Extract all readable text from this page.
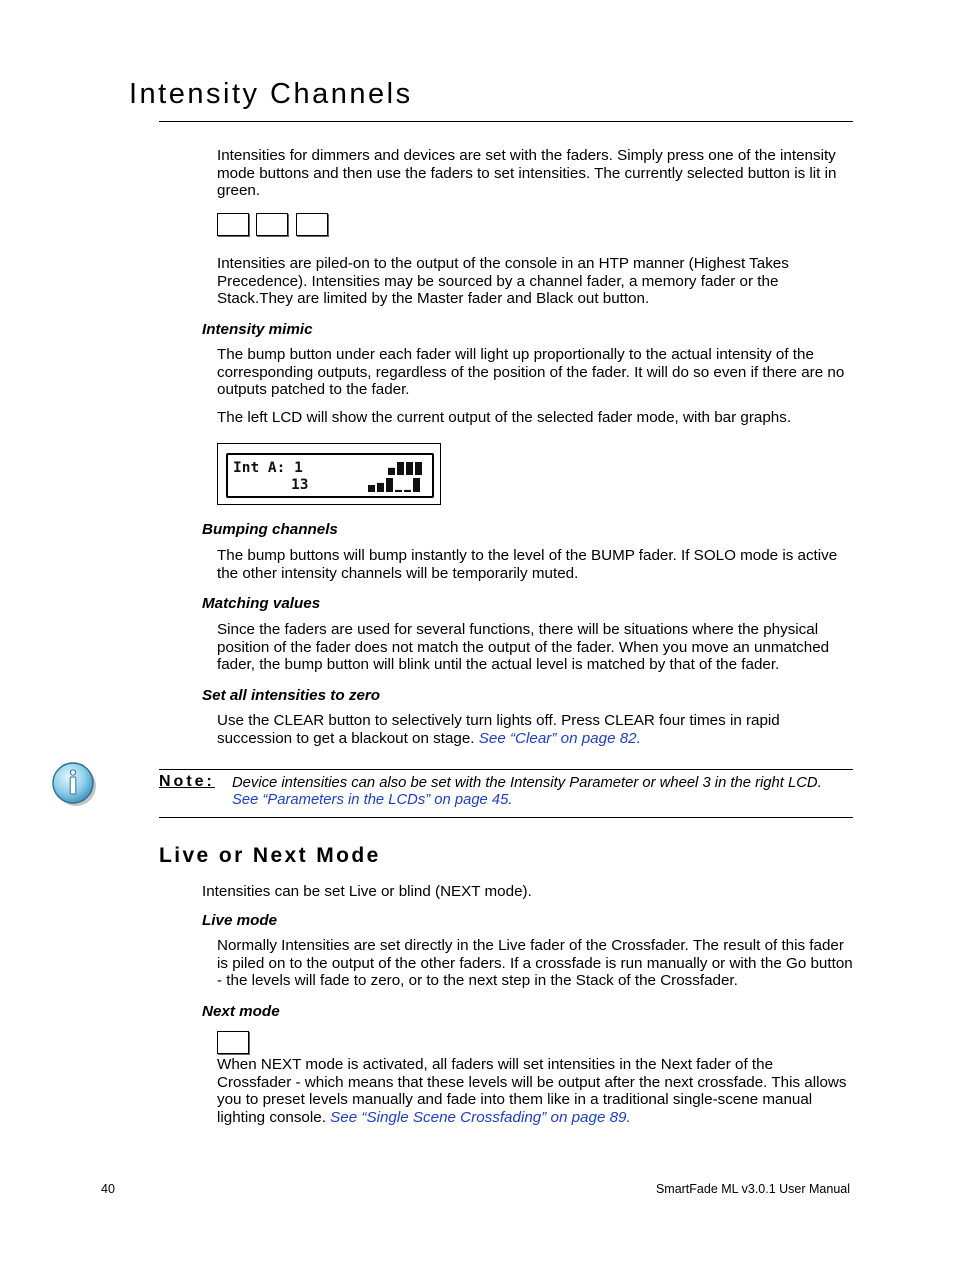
Intensity Channels

Intensities for dimmers and devices are set with the faders. Simply press one of the intensity mode buttons and then use the faders to set intensities. The currently selected button is lit in green.

Intensities are piled-on to the output of the console in an HTP manner (Highest Takes Precedence). Intensities may be sourced by a channel fader, a memory fader or the Stack.They are limited by the Master fader and Black out button.

Intensity mimic

The bump button under each fader will light up proportionally to the actual intensity of the corresponding outputs, regardless of the position of the fader. It will do so even if there are no outputs patched to the fader.

The left LCD will show the current output of the selected fader mode, with bar graphs.

Int A: 1
13
Bumping channels

The bump buttons will bump instantly to the level of the BUMP fader. If SOLO mode is active the other intensity channels will be temporarily muted.

Matching values

Since the faders are used for several functions, there will be situations where the physical position of the fader does not match the output of the fader. When you move an unmatched fader, the bump button will blink until the actual level is matched by that of the fader.

Set all intensities to zero

Use the CLEAR button to selectively turn lights off. Press CLEAR four times in rapid succession to get a blackout on stage. See “Clear” on page 82.

Note: Device intensities can also be set with the Intensity Parameter or wheel 3 in the right LCD.
See “Parameters in the LCDs” on page 45.
Live or Next Mode

Intensities can be set Live or blind (NEXT mode).

Live mode

Normally Intensities are set directly in the Live fader of the Crossfader. The result of this fader is piled on to the output of the other faders. If a crossfade is run manually or with the Go button - the levels will fade to zero, or to the next step in the Stack of the Crossfader.

Next mode

When NEXT mode is activated, all faders will set intensities in the Next fader of the Crossfader - which means that these levels will be output after the next crossfade. This allows you to preset levels manually and fade into them like in a traditional single-scene manual lighting console. See “Single Scene Crossfading” on page 89.

40	SmartFade ML v3.0.1 User Manual
